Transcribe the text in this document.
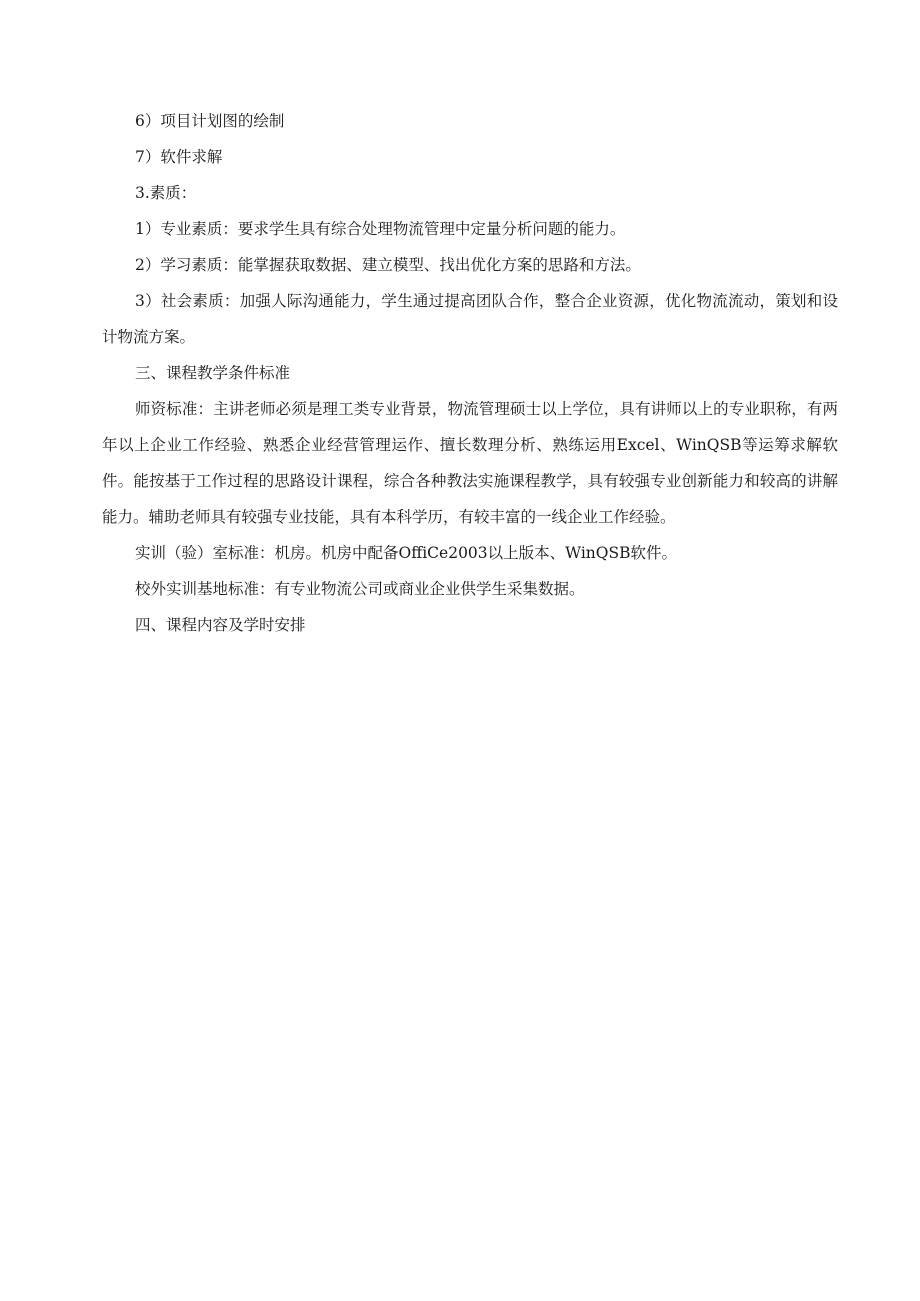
6）项目计划图的绘制

7）软件求解

3.素质：

1）专业素质：要求学生具有综合处理物流管理中定量分析问题的能力。

2）学习素质：能掌握获取数据、建立模型、找出优化方案的思路和方法。

3）社会素质：加强人际沟通能力，学生通过提高团队合作，整合企业资源，优化物流流动，策划和设计物流方案。

三、课程教学条件标准

师资标准：主讲老师必须是理工类专业背景，物流管理硕士以上学位，具有讲师以上的专业职称，有两年以上企业工作经验、熟悉企业经营管理运作、擅长数理分析、熟练运用Excel、WinQSB等运筹求解软件。能按基于工作过程的思路设计课程，综合各种教法实施课程教学，具有较强专业创新能力和较高的讲解能力。辅助老师具有较强专业技能，具有本科学历，有较丰富的一线企业工作经验。

实训（验）室标准：机房。机房中配备OffiCe2003以上版本、WinQSB软件。

校外实训基地标准：有专业物流公司或商业企业供学生采集数据。

四、课程内容及学时安排
